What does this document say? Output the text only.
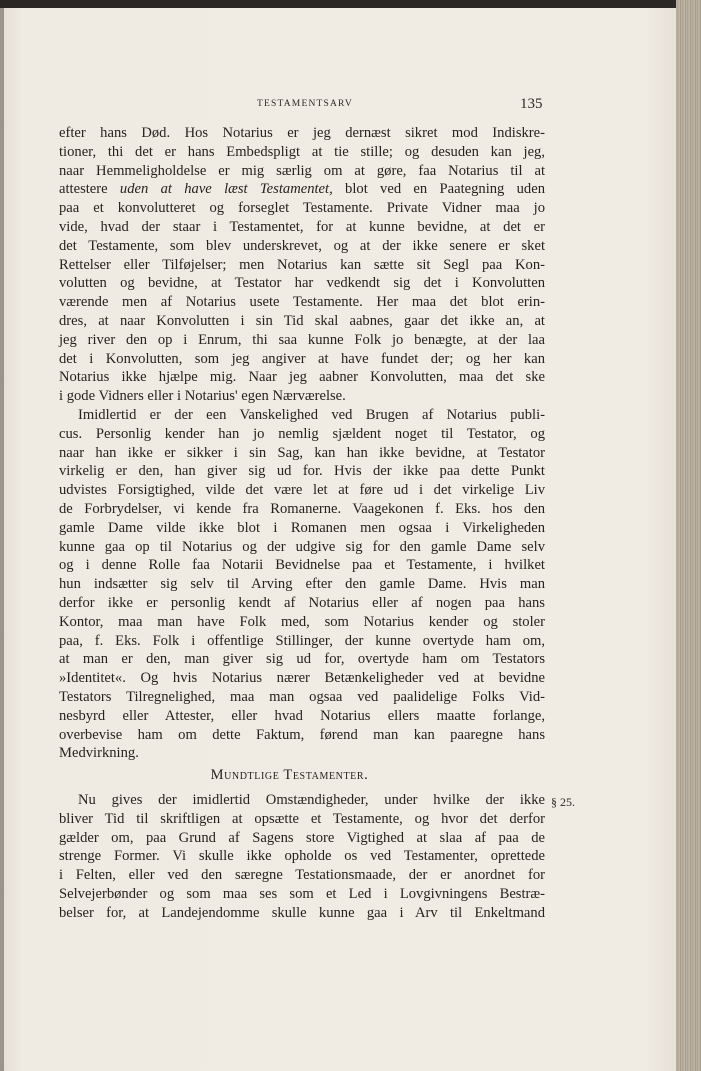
TESTAMENTSARV	135
efter hans Død. Hos Notarius er jeg dernæst sikret mod Indiskre-
tioner, thi det er hans Embedspligt at tie stille; og desuden kan jeg,
naar Hemmeligholdelse er mig særlig om at gøre, faa Notarius til at
attestere uden at have læst Testamentet, blot ved en Paategning uden
paa et konvolutteret og forseglet Testamente. Private Vidner maa jo
vide, hvad der staar i Testamentet, for at kunne bevidne, at det er
det Testamente, som blev underskrevet, og at der ikke senere er sket
Rettelser eller Tilføjelser; men Notarius kan sætte sit Segl paa Kon-
volutten og bevidne, at Testator har vedkendt sig det i Konvolutten
værende men af Notarius usete Testamente. Her maa det blot erin-
dres, at naar Konvolutten i sin Tid skal aabnes, gaar det ikke an, at
jeg river den op i Enrum, thi saa kunne Folk jo benægte, at der laa
det i Konvolutten, som jeg angiver at have fundet der; og her kan
Notarius ikke hjælpe mig. Naar jeg aabner Konvolutten, maa det ske
i gode Vidners eller i Notarius' egen Nærværelse.
Imidlertid er der een Vanskelighed ved Brugen af Notarius publi-
cus. Personlig kender han jo nemlig sjældent noget til Testator, og
naar han ikke er sikker i sin Sag, kan han ikke bevidne, at Testator
virkelig er den, han giver sig ud for. Hvis der ikke paa dette Punkt
udvistes Forsigtighed, vilde det være let at føre ud i det virkelige Liv
de Forbrydelser, vi kende fra Romanerne. Vaagekonen f. Eks. hos den
gamle Dame vilde ikke blot i Romanen men ogsaa i Virkeligheden
kunne gaa op til Notarius og der udgive sig for den gamle Dame selv
og i denne Rolle faa Notarii Bevidnelse paa et Testamente, i hvilket
hun indsætter sig selv til Arving efter den gamle Dame. Hvis man
derfor ikke er personlig kendt af Notarius eller af nogen paa hans
Kontor, maa man have Folk med, som Notarius kender og stoler
paa, f. Eks. Folk i offentlige Stillinger, der kunne overtyde ham om,
at man er den, man giver sig ud for, overtyde ham om Testators
»Identitet«. Og hvis Notarius nærer Betænkeligheder ved at bevidne
Testators Tilregnelighed, maa man ogsaa ved paalidelige Folks Vid-
nesbyrd eller Attester, eller hvad Notarius ellers maatte forlange,
overbevise ham om dette Faktum, førend man kan paaregne hans
Medvirkning.
Mundtlige Testamenter.
§ 25.
Nu gives der imidlertid Omstændigheder, under hvilke der ikke
bliver Tid til skriftligen at opsætte et Testamente, og hvor det derfor
gælder om, paa Grund af Sagens store Vigtighed at slaa af paa de
strenge Former. Vi skulle ikke opholde os ved Testamenter, oprettede
i Felten, eller ved den særegne Testationsmaade, der er anordnet for
Selvejerbønder og som maa ses som et Led i Lovgivningens Bestræ-
belser for, at Landejendomme skulle kunne gaa i Arv til Enkeltmand
